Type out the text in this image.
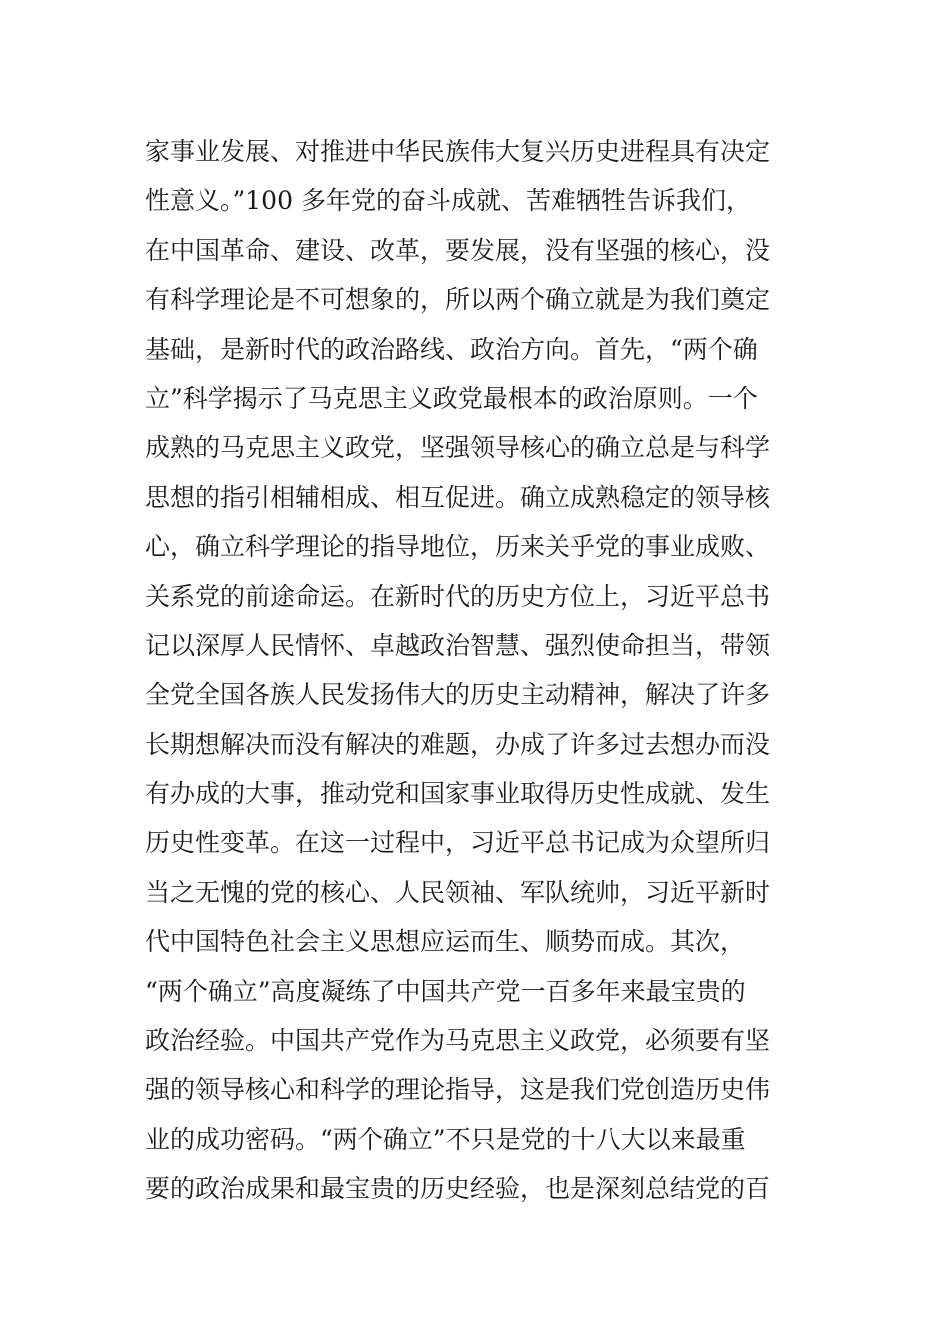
家事业发展、对推进中华民族伟大复兴历史进程具有决定
性意义。”100 多年党的奋斗成就、苦难牺牲告诉我们，
在中国革命、建设、改革，要发展，没有坚强的核心，没
有科学理论是不可想象的，所以两个确立就是为我们奠定
基础，是新时代的政治路线、政治方向。首先，“两个确
立”科学揭示了马克思主义政党最根本的政治原则。一个
成熟的马克思主义政党，坚强领导核心的确立总是与科学
思想的指引相辅相成、相互促进。确立成熟稳定的领导核
心，确立科学理论的指导地位，历来关乎党的事业成败、
关系党的前途命运。在新时代的历史方位上，习近平总书
记以深厚人民情怀、卓越政治智慧、强烈使命担当，带领
全党全国各族人民发扬伟大的历史主动精神，解决了许多
长期想解决而没有解决的难题，办成了许多过去想办而没
有办成的大事，推动党和国家事业取得历史性成就、发生
历史性变革。在这一过程中，习近平总书记成为众望所归
当之无愧的党的核心、人民领袖、军队统帅，习近平新时
代中国特色社会主义思想应运而生、顺势而成。其次，
“两个确立”高度凝练了中国共产党一百多年来最宝贵的
政治经验。中国共产党作为马克思主义政党，必须要有坚
强的领导核心和科学的理论指导，这是我们党创造历史伟
业的成功密码。“两个确立”不只是党的十八大以来最重
要的政治成果和最宝贵的历史经验，也是深刻总结党的百
